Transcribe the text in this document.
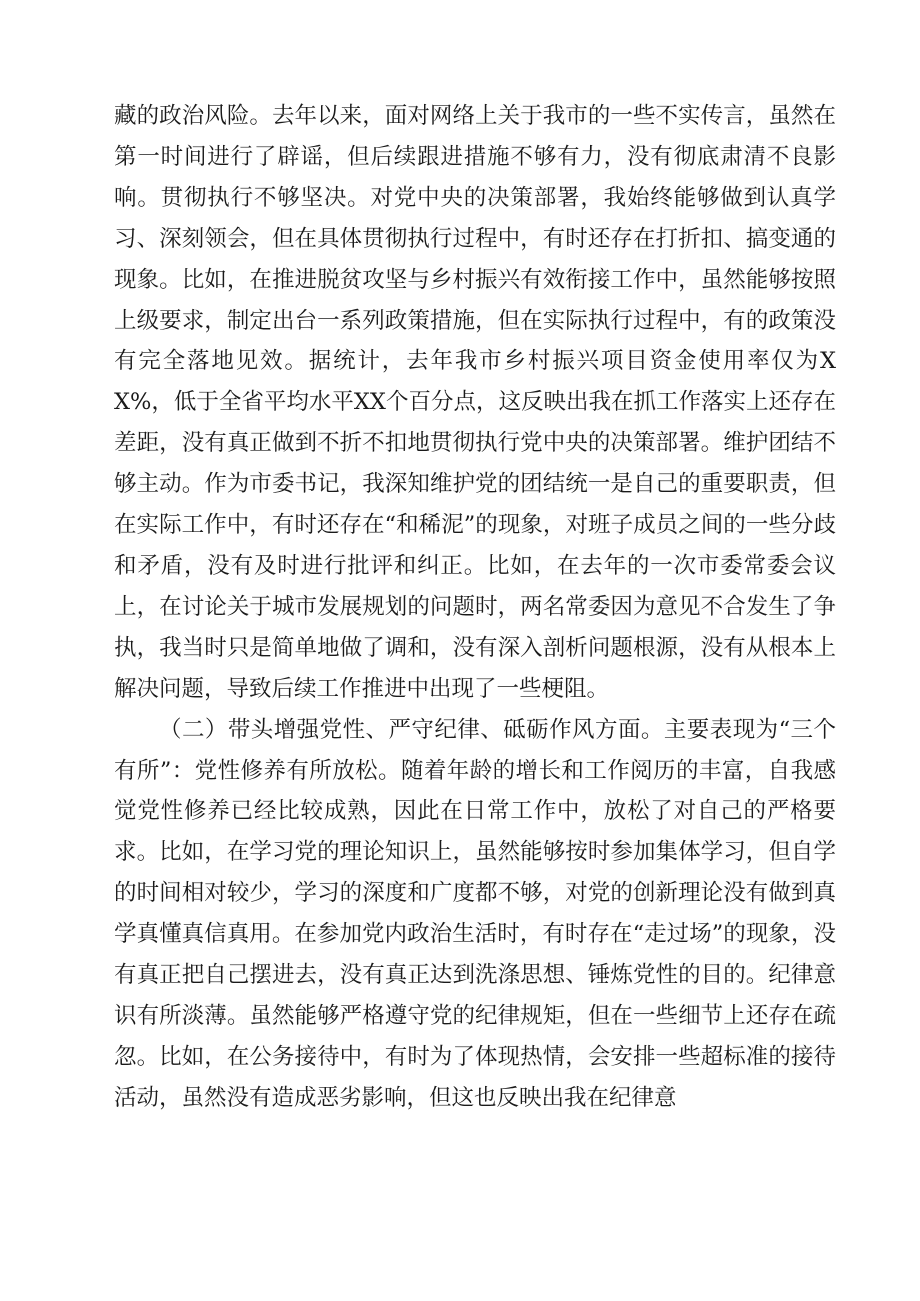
藏的政治风险。去年以来，面对网络上关于我市的一些不实传言，虽然在第一时间进行了辟谣，但后续跟进措施不够有力，没有彻底肃清不良影响。贯彻执行不够坚决。对党中央的决策部署，我始终能够做到认真学习、深刻领会，但在具体贯彻执行过程中，有时还存在打折扣、搞变通的现象。比如，在推进脱贫攻坚与乡村振兴有效衔接工作中，虽然能够按照上级要求，制定出台一系列政策措施，但在实际执行过程中，有的政策没有完全落地见效。据统计，去年我市乡村振兴项目资金使用率仅为XX%，低于全省平均水平XX个百分点，这反映出我在抓工作落实上还存在差距，没有真正做到不折不扣地贯彻执行党中央的决策部署。维护团结不够主动。作为市委书记，我深知维护党的团结统一是自己的重要职责，但在实际工作中，有时还存在“和稀泥”的现象，对班子成员之间的一些分歧和矛盾，没有及时进行批评和纠正。比如，在去年的一次市委常委会议上，在讨论关于城市发展规划的问题时，两名常委因为意见不合发生了争执，我当时只是简单地做了调和，没有深入剖析问题根源，没有从根本上解决问题，导致后续工作推进中出现了一些梗阻。

（二）带头增强党性、严守纪律、砥砺作风方面。主要表现为“三个有所”：党性修养有所放松。随着年龄的增长和工作阅历的丰富，自我感觉党性修养已经比较成熟，因此在日常工作中，放松了对自己的严格要求。比如，在学习党的理论知识上，虽然能够按时参加集体学习，但自学的时间相对较少，学习的深度和广度都不够，对党的创新理论没有做到真学真懂真信真用。在参加党内政治生活时，有时存在“走过场”的现象，没有真正把自己摆进去，没有真正达到洗涤思想、锤炼党性的目的。纪律意识有所淡薄。虽然能够严格遵守党的纪律规矩，但在一些细节上还存在疏忽。比如，在公务接待中，有时为了体现热情，会安排一些超标准的接待活动，虽然没有造成恶劣影响，但这也反映出我在纪律意
